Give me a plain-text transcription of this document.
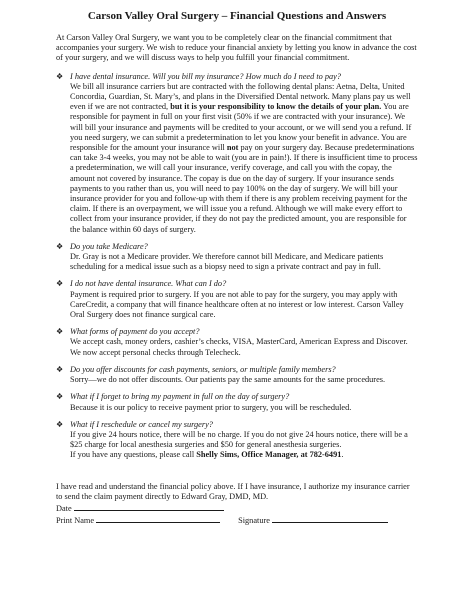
Carson Valley Oral Surgery – Financial Questions and Answers

At Carson Valley Oral Surgery, we want you to be completely clear on the financial commitment that accompanies your surgery. We wish to reduce your financial anxiety by letting you know in advance the cost of your surgery, and we will discuss ways to help you fulfill your financial commitment.

❖ I have dental insurance. Will you bill my insurance? How much do I need to pay?

We bill all insurance carriers but are contracted with the following dental plans: Aetna, Delta, United Concordia, Guardian, St. Mary’s, and plans in the Diversified Dental network. Many plans pay us well even if we are not contracted, but it is your responsibility to know the details of your plan. You are responsible for payment in full on your first visit (50% if we are contracted with your insurance). We will bill your insurance and payments will be credited to your account, or we will send you a refund. If you need surgery, we can submit a predetermination to let you know your benefit in advance. You are responsible for the amount your insurance will not pay on your surgery day. Because predeterminations can take 3-4 weeks, you may not be able to wait (you are in pain!). If there is insufficient time to process a predetermination, we will call your insurance, verify coverage, and call you with the copay, the amount not covered by insurance. The copay is due on the day of surgery. If your insurance sends payments to you rather than us, you will need to pay 100% on the day of surgery. We will bill your insurance provider for you and follow-up with them if there is any problem receiving payment for the claim. If there is an overpayment, we will issue you a refund. Although we will make every effort to collect from your insurance provider, if they do not pay the predicted amount, you are responsible for the balance within 60 days of surgery.

❖ Do you take Medicare?

Dr. Gray is not a Medicare provider. We therefore cannot bill Medicare, and Medicare patients scheduling for a medical issue such as a biopsy need to sign a private contract and pay in full.

❖ I do not have dental insurance. What can I do?

Payment is required prior to surgery. If you are not able to pay for the surgery, you may apply with CareCredit, a company that will finance healthcare often at no interest or low interest. Carson Valley Oral Surgery does not finance surgical care.

❖ What forms of payment do you accept?

We accept cash, money orders, cashier’s checks, VISA, MasterCard, American Express and Discover. We now accept personal checks through Telecheck.

❖ Do you offer discounts for cash payments, seniors, or multiple family members?

Sorry—we do not offer discounts. Our patients pay the same amounts for the same procedures.

❖ What if I forget to bring my payment in full on the day of surgery?

Because it is our policy to receive payment prior to surgery, you will be rescheduled.

❖ What if I reschedule or cancel my surgery?

If you give 24 hours notice, there will be no charge. If you do not give 24 hours notice, there will be a $25 charge for local anesthesia surgeries and $50 for general anesthesia surgeries.

If you have any questions, please call Shelly Sims, Office Manager, at 782-6491.

I have read and understand the financial policy above. If I have insurance, I authorize my insurance carrier to send the claim payment directly to Edward Gray, DMD, MD.

Date

Print Name	Signature
